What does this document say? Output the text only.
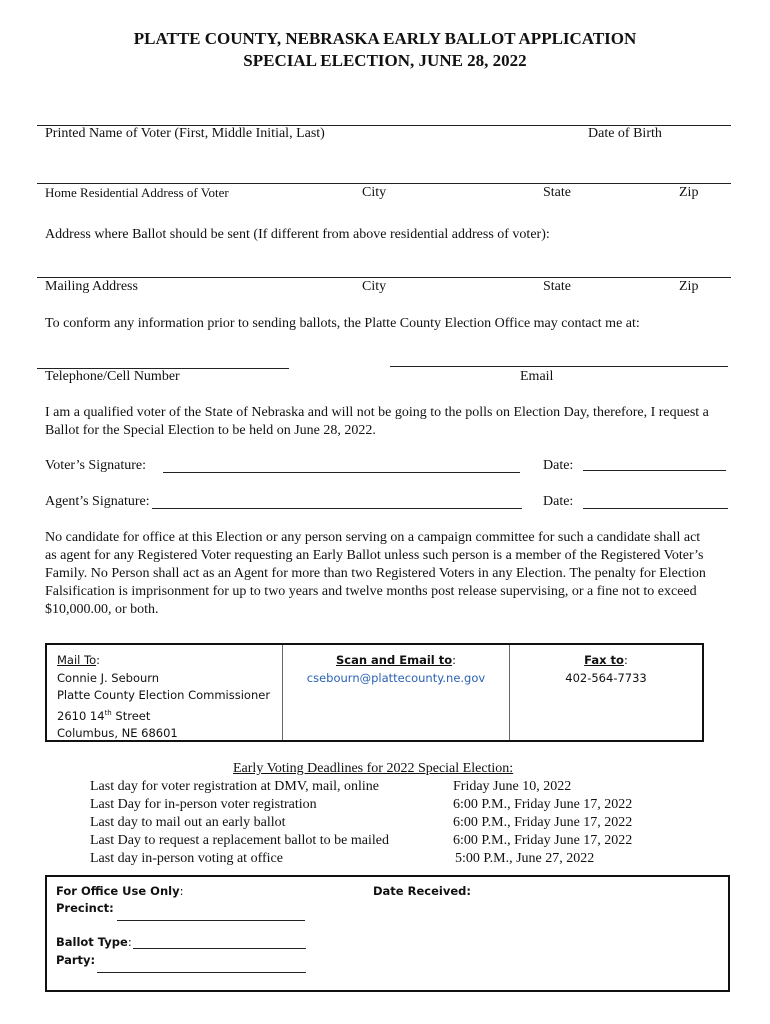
PLATTE COUNTY, NEBRASKA EARLY BALLOT APPLICATION
SPECIAL ELECTION, JUNE 28, 2022
Printed Name of Voter (First, Middle Initial, Last)	Date of Birth
Home Residential Address of Voter	City	State	Zip
Address where Ballot should be sent (If different from above residential address of voter):
Mailing Address	City	State	Zip
To conform any information prior to sending ballots, the Platte County Election Office may contact me at:
Telephone/Cell Number	Email
I am a qualified voter of the State of Nebraska and will not be going to the polls on Election Day, therefore, I request a Ballot for the Special Election to be held on June 28, 2022.
Voter’s Signature:	Date:
Agent’s Signature:	Date:
No candidate for office at this Election or any person serving on a campaign committee for such a candidate shall act as agent for any Registered Voter requesting an Early Ballot unless such person is a member of the Registered Voter’s Family. No Person shall act as an Agent for more than two Registered Voters in any Election. The penalty for Election Falsification is imprisonment for up to two years and twelve months post release supervising, or a fine not to exceed $10,000.00, or both.
Mail To:
Connie J. Sebourn
Platte County Election Commissioner
2610 14th Street
Columbus, NE 68601
Scan and Email to:
csebourn@plattecounty.ne.gov
Fax to:
402-564-7733
Early Voting Deadlines for 2022 Special Election:
Last day for voter registration at DMV, mail, online	Friday June 10, 2022
Last Day for in-person voter registration	6:00 P.M., Friday June 17, 2022
Last day to mail out an early ballot	6:00 P.M., Friday June 17, 2022
Last Day to request a replacement ballot to be mailed	6:00 P.M., Friday June 17, 2022
Last day in-person voting at office	5:00 P.M., June 27, 2022
For Office Use Only:
Precinct:
Date Received:
Ballot Type:
Party:
